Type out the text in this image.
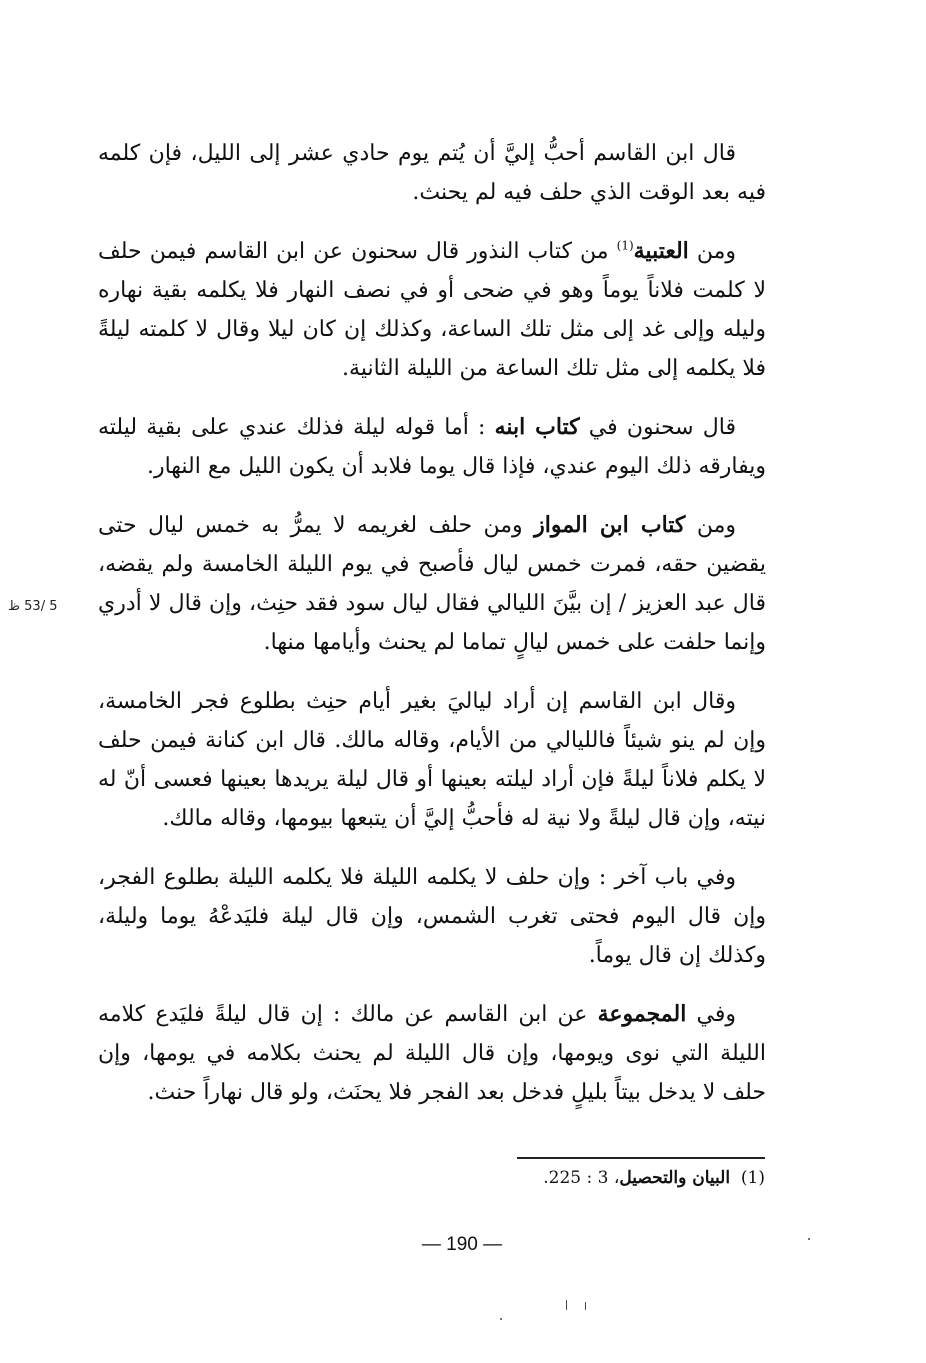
قال ابن القاسم أحبُّ إليَّ أن يُتم يوم حادي عشر إلى الليل، فإن كلمه فيه بعد الوقت الذي حلف فيه لم يحنث.

ومن العتبية$^{(1)}$ من كتاب النذور قال سحنون عن ابن القاسم فيمن حلف لا كلمت فلاناً يوماً وهو في ضحى أو في نصف النهار فلا يكلمه بقية نهاره وليله وإلى غد إلى مثل تلك الساعة، وكذلك إن كان ليلا وقال لا كلمته ليلةً فلا يكلمه إلى مثل تلك الساعة من الليلة الثانية.

قال سحنون في كتاب ابنه : أما قوله ليلة فذلك عندي على بقية ليلته ويفارقه ذلك اليوم عندي، فإذا قال يوما فلابد أن يكون الليل مع النهار.

ومن كتاب ابن المواز ومن حلف لغريمه لا يمرُّ به خمس ليال حتى يقضين حقه، فمرت خمس ليال فأصبح في يوم الليلة الخامسة ولم يقضه، قال عبد العزيز / إن بيَّنَ الليالي فقال ليال سود فقد حنِث، وإن قال لا أدري وإنما حلفت على خمس ليالٍ تماما لم يحنث وأيامها منها.

وقال ابن القاسم إن أراد لياليَ بغير أيام حنِث بطلوع فجر الخامسة، وإن لم ينو شيئاً فالليالي من الأيام، وقاله مالك. قال ابن كنانة فيمن حلف لا يكلم فلاناً ليلةً فإن أراد ليلته بعينها أو قال ليلة يريدها بعينها فعسى أنّ له نيته، وإن قال ليلةً ولا نية له فأحبُّ إليَّ أن يتبعها بيومها، وقاله مالك.

وفي باب آخر : وإن حلف لا يكلمه الليلة فلا يكلمه الليلة بطلوع الفجر، وإن قال اليوم فحتى تغرب الشمس، وإن قال ليلة فليَدعْهُ يوما وليلة، وكذلك إن قال يوماً.

وفي المجموعة عن ابن القاسم عن مالك : إن قال ليلةً فليَدع كلامه الليلة التي نوى ويومها، وإن قال الليلة لم يحنث بكلامه في يومها، وإن حلف لا يدخل بيتاً بليلٍ فدخل بعد الفجر فلا يحنَث، ولو قال نهاراً حنث.

5 /53 ظ
(1)  البيان والتحصيل، 3 : 225.
— 190 —
